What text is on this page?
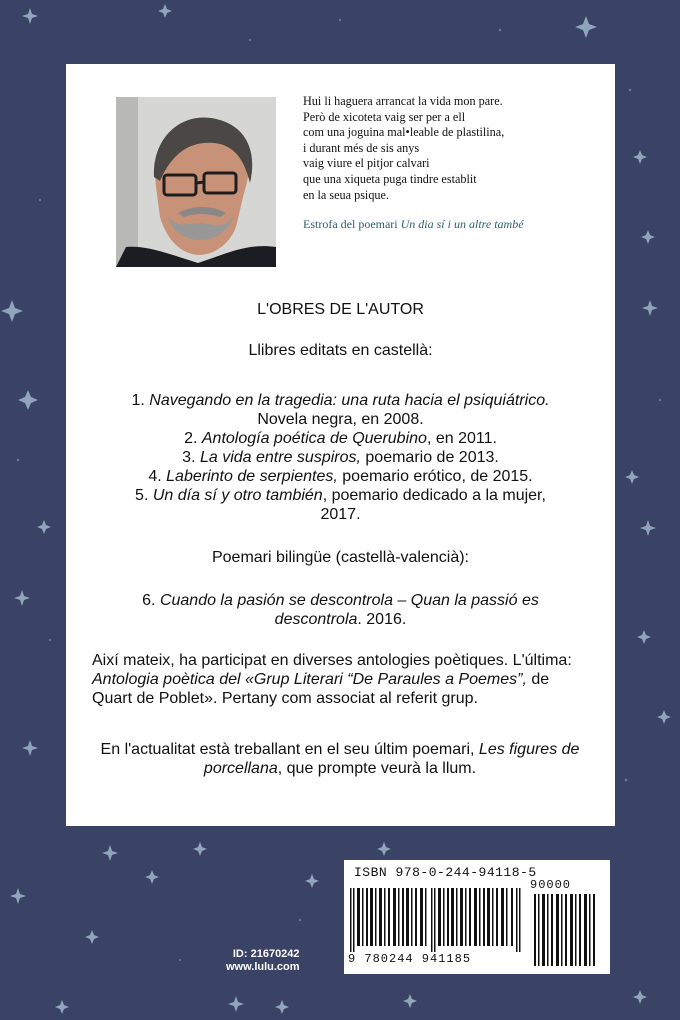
Hui li haguera arrancat la vida mon pare.
Però de xicoteta vaig ser per a ell
com una joguina mal•leable de plastilina,
i durant més de sis anys
vaig viure el pitjor calvari
que una xiqueta puga tindre establit
en la seua psique.
Estrofa del poemari Un dia sí i un altre també
L'OBRES DE L'AUTOR
Llibres editats en castellà:
1. Navegando en la tragedia: una ruta hacia el psiquiátrico. Novela negra, en 2008.
2. Antología poética de Querubino, en 2011.
3. La vida entre suspiros, poemario de 2013.
4. Laberinto de serpientes, poemario erótico, de 2015.
5. Un día sí y otro también, poemario dedicado a la mujer, 2017.
Poemari bilingüe (castellà-valencià):
6. Cuando la pasión se descontrola – Quan la passió es descontrola. 2016.
Així mateix, ha participat en diverses antologies poètiques. L'última: Antologia poètica del «Grup Literari “De Paraules a Poemes”, de Quart de Poblet». Pertany com associat al referit grup.
En l'actualitat està treballant en el seu últim poemari, Les figures de porcellana, que prompte veurà la llum.
ID: 21670242
www.lulu.com
ISBN 978-0-244-94118-5
9 780244 941185
90000
